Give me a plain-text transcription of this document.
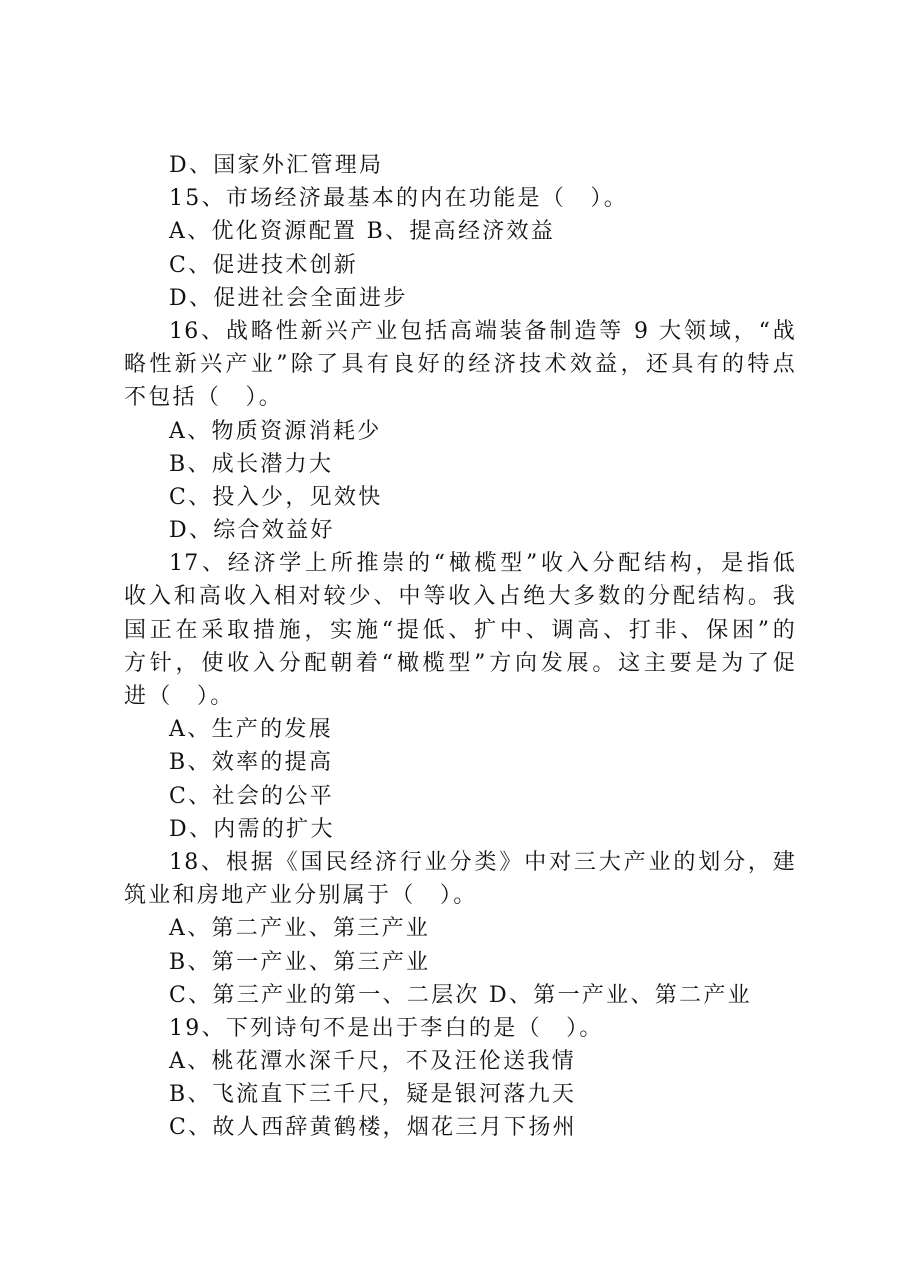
D、国家外汇管理局
15、市场经济最基本的内在功能是（　）。
A、优化资源配置 B、提高经济效益
C、促进技术创新
D、促进社会全面进步
16、战略性新兴产业包括高端装备制造等 9 大领域，“战
略性新兴产业”除了具有良好的经济技术效益，还具有的特点
不包括（　）。
A、物质资源消耗少
B、成长潜力大
C、投入少，见效快
D、综合效益好
17、经济学上所推崇的“橄榄型”收入分配结构，是指低
收入和高收入相对较少、中等收入占绝大多数的分配结构。我
国正在采取措施，实施“提低、扩中、调高、打非、保困”的
方针，使收入分配朝着“橄榄型”方向发展。这主要是为了促
进（　）。
A、生产的发展
B、效率的提高
C、社会的公平
D、内需的扩大
18、根据《国民经济行业分类》中对三大产业的划分，建
筑业和房地产业分别属于（　）。
A、第二产业、第三产业
B、第一产业、第三产业
C、第三产业的第一、二层次 D、第一产业、第二产业
19、下列诗句不是出于李白的是（　）。
A、桃花潭水深千尺，不及汪伦送我情
B、飞流直下三千尺，疑是银河落九天
C、故人西辞黄鹤楼，烟花三月下扬州
